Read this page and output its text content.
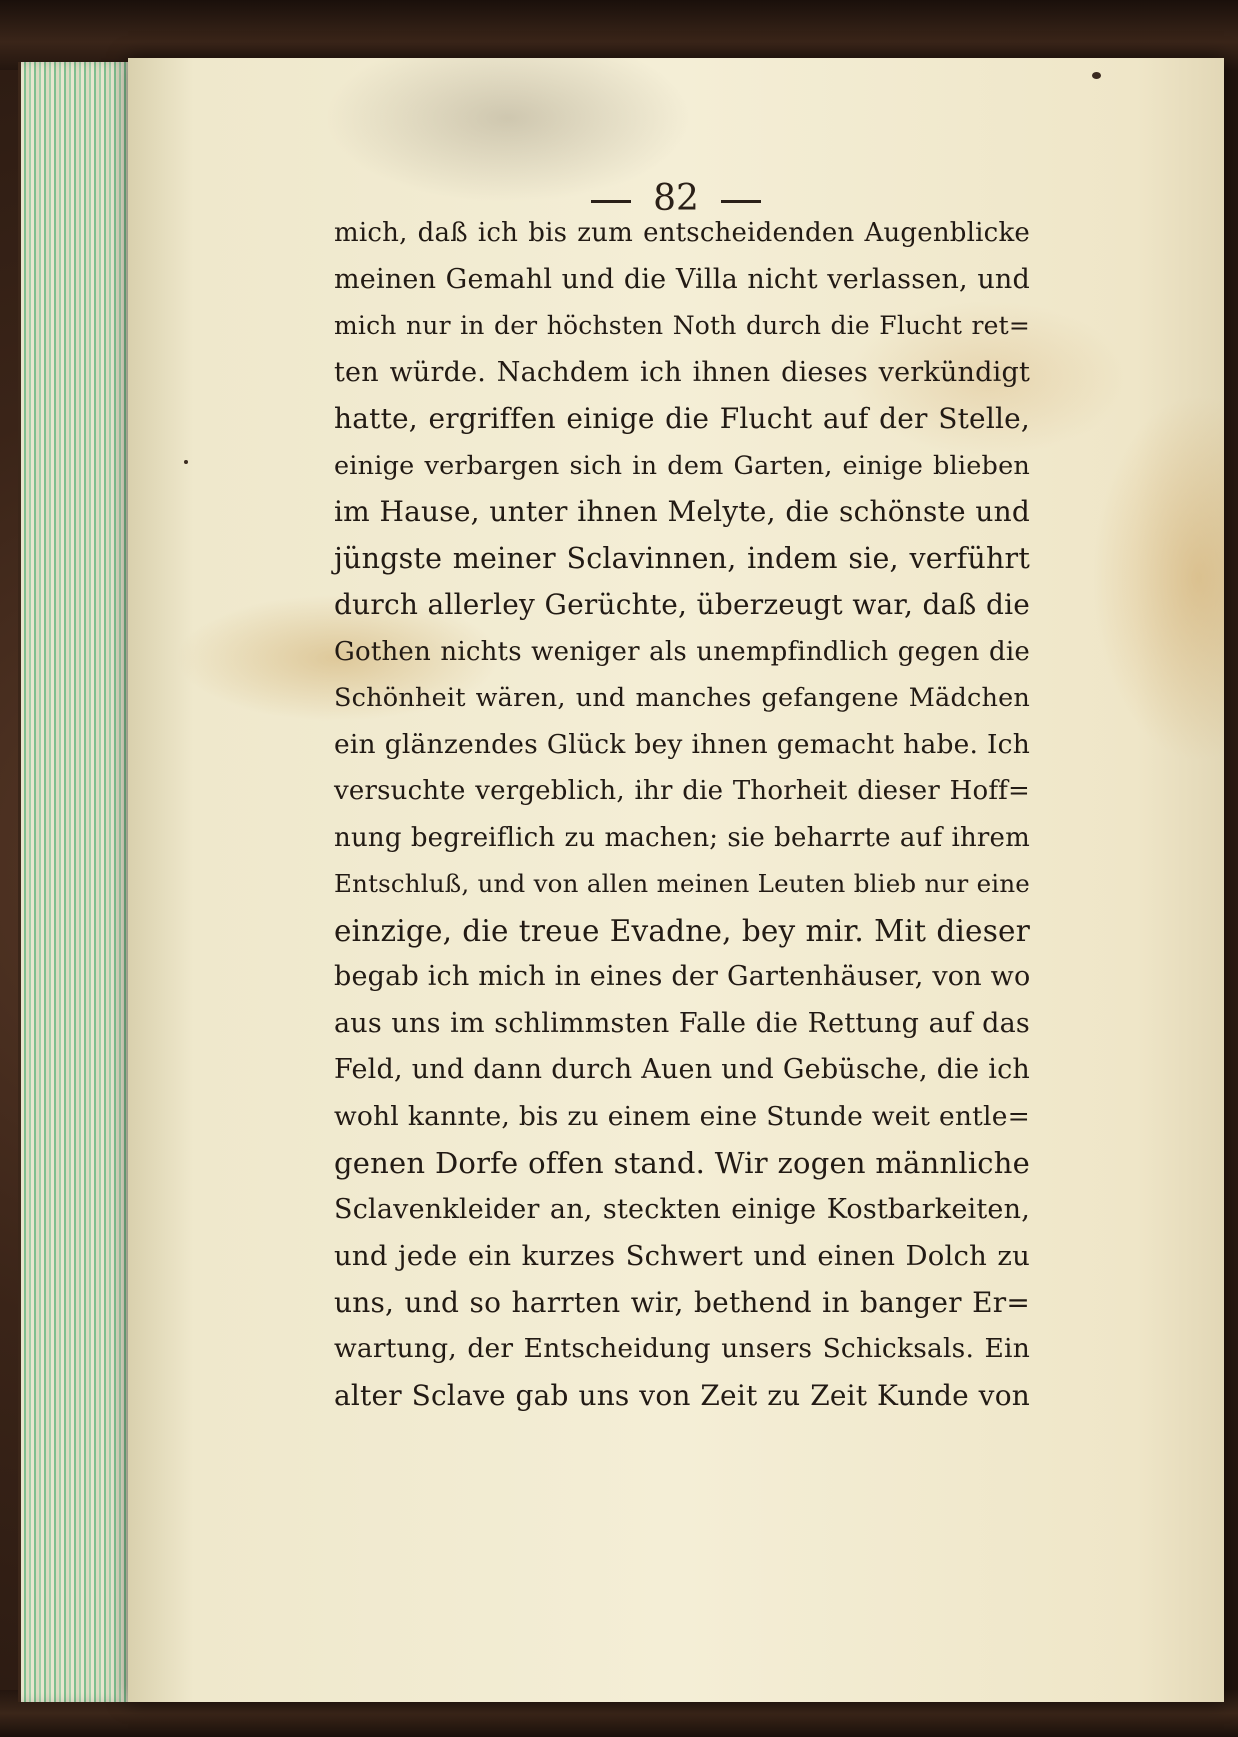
82
mich, daß ich bis zum entscheidenden Augenblicke
meinen Gemahl und die Villa nicht verlassen, und
mich nur in der höchsten Noth durch die Flucht ret=
ten würde. Nachdem ich ihnen dieses verkündigt
hatte, ergriffen einige die Flucht auf der Stelle,
einige verbargen sich in dem Garten, einige blieben
im Hause, unter ihnen Melyte, die schönste und
jüngste meiner Sclavinnen, indem sie, verführt
durch allerley Gerüchte, überzeugt war, daß die
Gothen nichts weniger als unempfindlich gegen die
Schönheit wären, und manches gefangene Mädchen
ein glänzendes Glück bey ihnen gemacht habe. Ich
versuchte vergeblich, ihr die Thorheit dieser Hoff=
nung begreiflich zu machen; sie beharrte auf ihrem
Entschluß, und von allen meinen Leuten blieb nur eine
einzige, die treue Evadne, bey mir. Mit dieser
begab ich mich in eines der Gartenhäuser, von wo
aus uns im schlimmsten Falle die Rettung auf das
Feld, und dann durch Auen und Gebüsche, die ich
wohl kannte, bis zu einem eine Stunde weit entle=
genen Dorfe offen stand. Wir zogen männliche
Sclavenkleider an, steckten einige Kostbarkeiten,
und jede ein kurzes Schwert und einen Dolch zu
uns, und so harrten wir, bethend in banger Er=
wartung, der Entscheidung unsers Schicksals. Ein
alter Sclave gab uns von Zeit zu Zeit Kunde von
